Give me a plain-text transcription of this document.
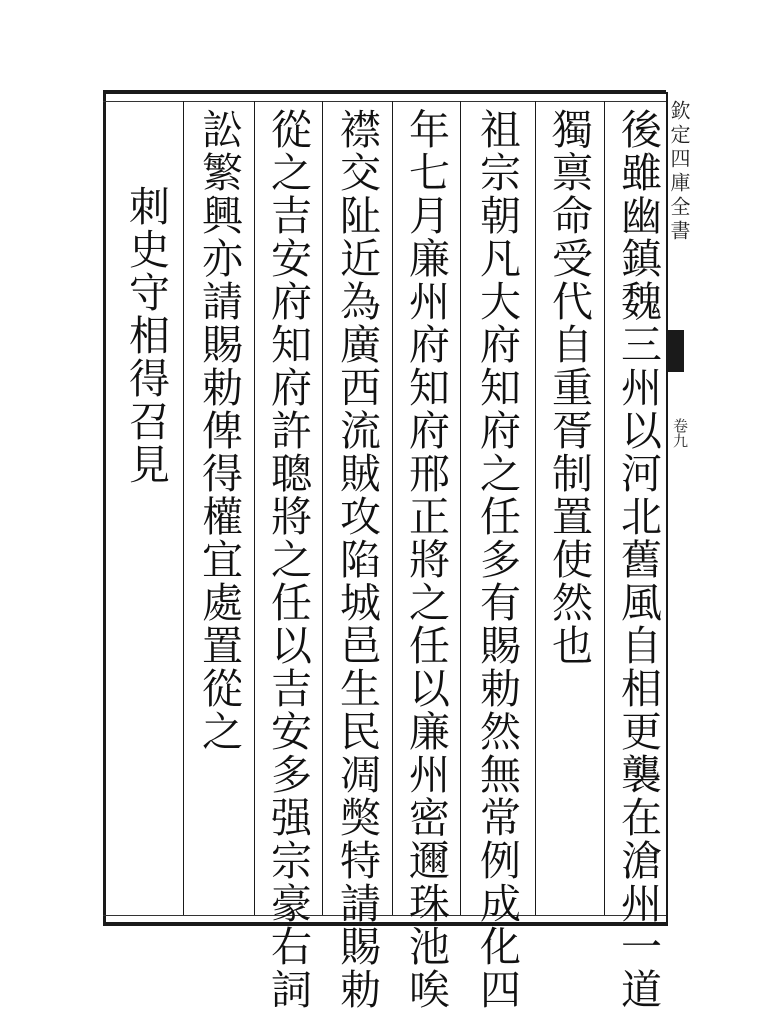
後雖幽鎮魏三州以河北舊風自相更襲在滄州一道
獨禀命受代自重胥制置使然也
祖宗朝凡大府知府之任多有賜勅然無常例成化四
年七月廉州府知府邢正將之任以廉州密邇珠池唉
襟交阯近為廣西流賊攻陷城邑生民凋獘特請賜勅
從之吉安府知府許聰將之任以吉安多强宗豪右詞
訟繁興亦請賜勅俾得權宜處置從之
刺史守相得召見
欽定四庫全書
卷九
